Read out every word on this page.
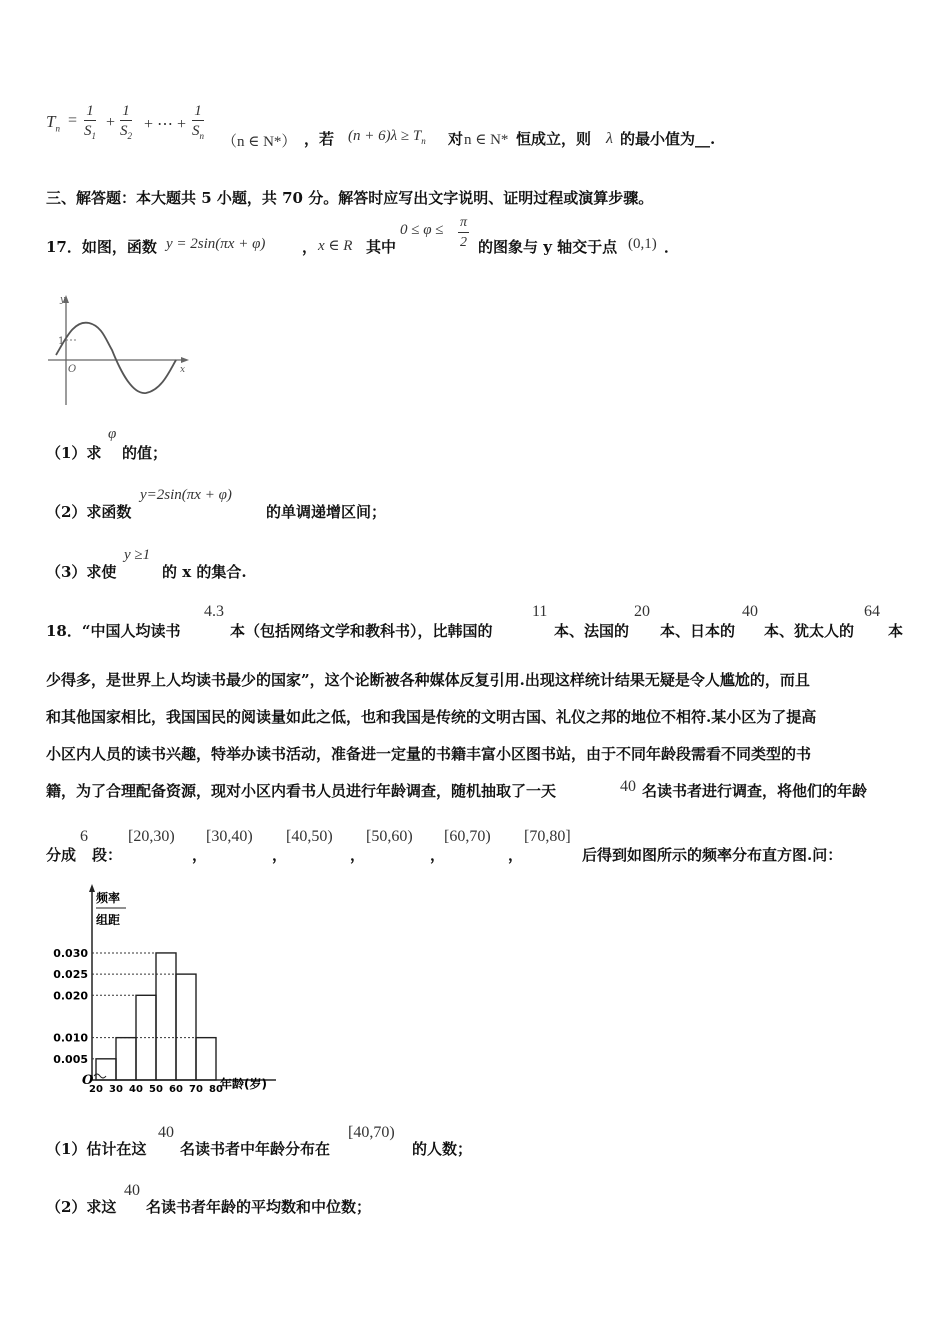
$T_n = \frac{1}{S_1} + \frac{1}{S_2}$ + ⋯ + $\frac{1}{S_n} (n$ ∈ N*） ，若 $(n + 6)\lambda \ge T_n$ 对 n ∈ N* 恒成立，则 λ 的最小值为__.
三、解答题：本大题共 5 小题，共 70 分。解答时应写出文字说明、证明过程或演算步骤。
17．如图，函数 y = 2sin(πx + φ) ， x ∈ R 其中
$0 \le \varphi \le \frac{\pi}{2}$ 的图象与 y 轴交于点 (0,1) ．
y
x
O
1
（1）求
φ
的值；
（2）求函数
y=2sin(πx + φ)
的单调递增区间；
（3）求使
y ≥1
的 x 的集合.
18．“中国人均读书
4.3
本（包括网络文学和教科书），比韩国的
11
本、法国的
20
本、日本的
40
本、犹太人的
64
本
少得多，是世界上人均读书最少的国家”，这个论断被各种媒体反复引用.出现这样统计结果无疑是令人尴尬的，而且
和其他国家相比，我国国民的阅读量如此之低，也和我国是传统的文明古国、礼仪之邦的地位不相符.某小区为了提高
小区内人员的读书兴趣，特举办读书活动，准备进一定量的书籍丰富小区图书站，由于不同年龄段需看不同类型的书
籍，为了合理配备资源，现对小区内看书人员进行年龄调查，随机抽取了一天	40 名读书者进行调查，将他们的年龄
分成
6
段：
[20,30)
，
[30,40)
，
[40,50)
，
[50,60)
，
[60,70)
，
[70,80]
后得到如图所示的频率分布直方图.问：
频率
组距
O	年龄(岁)
0.030
0.025
0.020
0.010
0.005
20 30 40 50 60 70 80
（1）估计在这
40
名读书者中年龄分布在
[40,70)
的人数；
（2）求这
40
名读书者年龄的平均数和中位数；
